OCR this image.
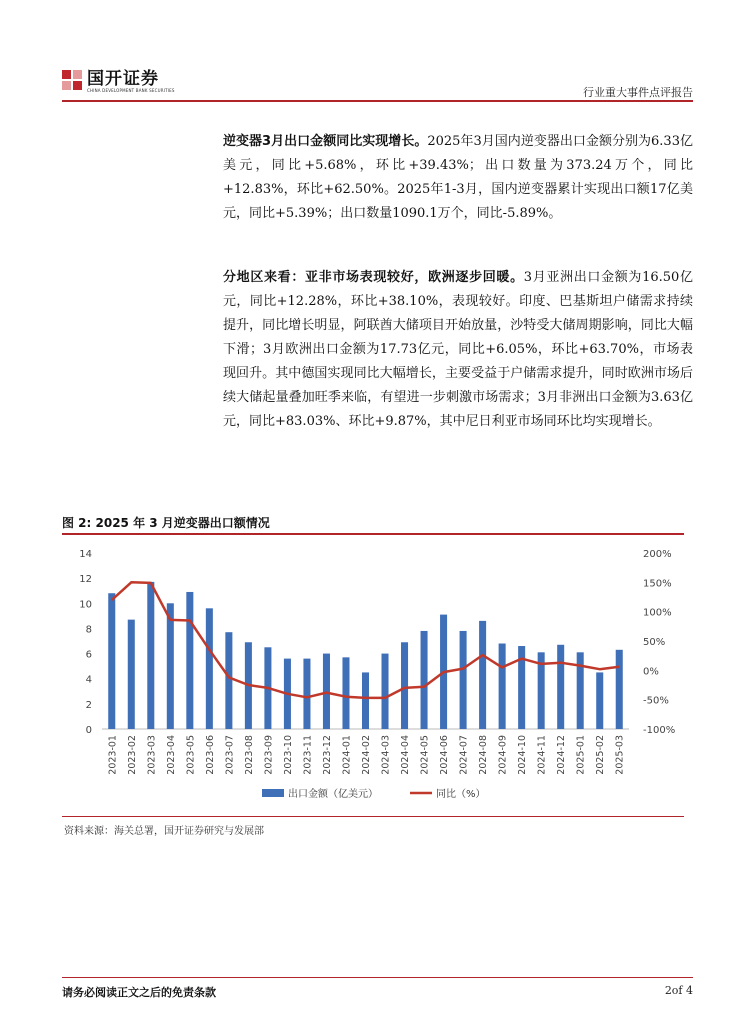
国开证券
CHINA DEVELOPMENT BANK SECURITIES	行业重大事件点评报告

逆变器3月出口金额同比实现增长。2025年3月国内逆变器出口金额分别为6.33亿美元，同比+5.68%，环比+39.43%；出口数量为373.24万个，同比+12.83%，环比+62.50%。2025年1-3月，国内逆变器累计实现出口额17亿美元，同比+5.39%；出口数量1090.1万个，同比-5.89%。

分地区来看：亚非市场表现较好，欧洲逐步回暖。3月亚洲出口金额为16.50亿元，同比+12.28%，环比+38.10%，表现较好。印度、巴基斯坦户储需求持续提升，同比增长明显，阿联酋大储项目开始放量，沙特受大储周期影响，同比大幅下滑；3月欧洲出口金额为17.73亿元，同比+6.05%，环比+63.70%，市场表现回升。其中德国实现同比大幅增长，主要受益于户储需求提升，同时欧洲市场后续大储起量叠加旺季来临，有望进一步刺激市场需求；3月非洲出口金额为3.63亿元，同比+83.03%、环比+9.87%，其中尼日利亚市场同环比均实现增长。

图 2: 2025 年 3 月逆变器出口额情况
0
2
4
6
8
10
12
14
-100%
-50%
0%
50%
100%
150%
200%
2023-01 2023-02 2023-03 2023-04 2023-05 2023-06 2023-07 2023-08 2023-09 2023-10 2023-11 2023-12 2024-01 2024-02 2024-03 2024-04 2024-05 2024-06 2024-07 2024-08 2024-09 2024-10 2024-11 2024-12 2025-01 2025-02 2025-03
出口金额（亿美元）	同比（%）
资料来源：海关总署，国开证券研究与发展部
请务必阅读正文之后的免责条款	2of 4
